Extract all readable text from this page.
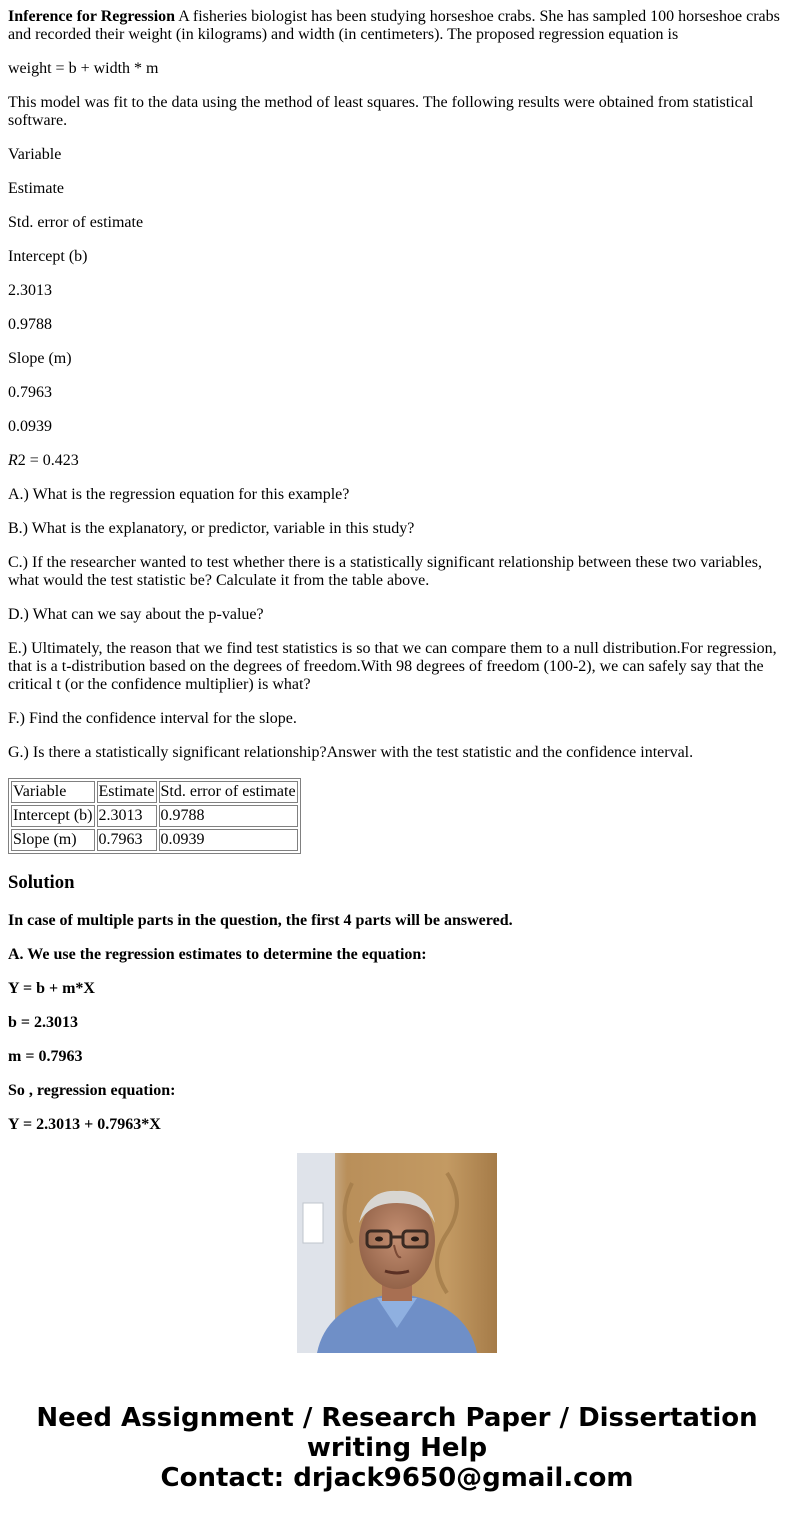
Inference for Regression A fisheries biologist has been studying horseshoe crabs. She has sampled 100 horseshoe crabs and recorded their weight (in kilograms) and width (in centimeters). The proposed regression equation is

weight = b + width * m

This model was fit to the data using the method of least squares. The following results were obtained from statistical software.

Variable

Estimate

Std. error of estimate

Intercept (b)

2.3013

0.9788

Slope (m)

0.7963

0.0939

R2 = 0.423

A.) What is the regression equation for this example?

B.) What is the explanatory, or predictor, variable in this study?

C.) If the researcher wanted to test whether there is a statistically significant relationship between these two variables, what would the test statistic be? Calculate it from the table above.

D.) What can we say about the p-value?

E.) Ultimately, the reason that we find test statistics is so that we can compare them to a null distribution.For regression, that is a t-distribution based on the degrees of freedom.With 98 degrees of freedom (100-2), we can safely say that the critical t (or the confidence multiplier) is what?

F.) Find the confidence interval for the slope.

G.) Is there a statistically significant relationship?Answer with the test statistic and the confidence interval.

Variable	Estimate	Std. error of estimate
Intercept (b)	2.3013	0.9788
Slope (m)	0.7963	0.0939
Solution

In case of multiple parts in the question, the first 4 parts will be answered.

A. We use the regression estimates to determine the equation:

Y = b + m*X

b = 2.3013

m = 0.7963

So , regression equation:

Y = 2.3013 + 0.7963*X

Need Assignment / Research Paper / Dissertation
writing Help
Contact: drjack9650@gmail.com
